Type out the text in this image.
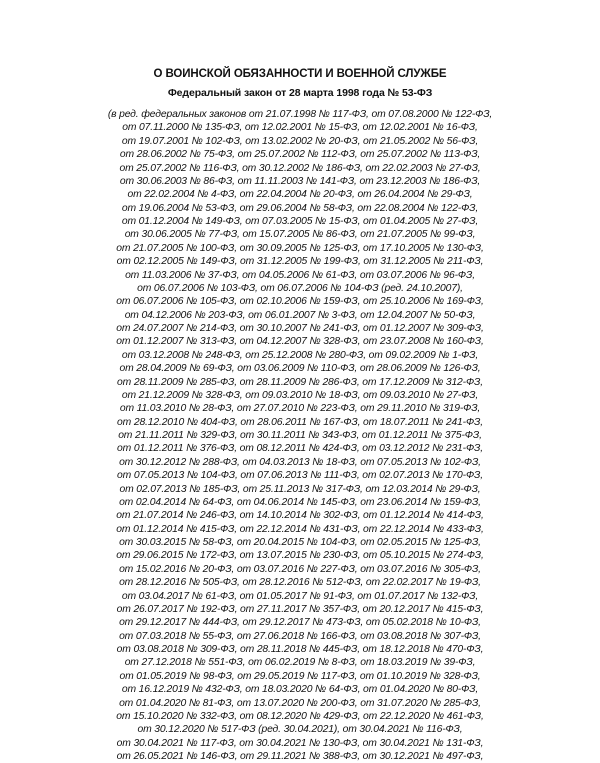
О ВОИНСКОЙ ОБЯЗАННОСТИ И ВОЕННОЙ СЛУЖБЕ
Федеральный закон от 28 марта 1998 года № 53-ФЗ
(в ред. федеральных законов от 21.07.1998 № 117-ФЗ, от 07.08.2000 № 122-ФЗ,
от 07.11.2000 № 135-ФЗ, от 12.02.2001 № 15-ФЗ, от 12.02.2001 № 16-ФЗ,
от 19.07.2001 № 102-ФЗ, от 13.02.2002 № 20-ФЗ, от 21.05.2002 № 56-ФЗ,
от 28.06.2002 № 75-ФЗ, от 25.07.2002 № 112-ФЗ, от 25.07.2002 № 113-ФЗ,
от 25.07.2002 № 116-ФЗ, от 30.12.2002 № 186-ФЗ, от 22.02.2003 № 27-ФЗ,
от 30.06.2003 № 86-ФЗ, от 11.11.2003 № 141-ФЗ, от 23.12.2003 № 186-ФЗ,
от 22.02.2004 № 4-ФЗ, от 22.04.2004 № 20-ФЗ, от 26.04.2004 № 29-ФЗ,
от 19.06.2004 № 53-ФЗ, от 29.06.2004 № 58-ФЗ, от 22.08.2004 № 122-ФЗ,
от 01.12.2004 № 149-ФЗ, от 07.03.2005 № 15-ФЗ, от 01.04.2005 № 27-ФЗ,
от 30.06.2005 № 77-ФЗ, от 15.07.2005 № 86-ФЗ, от 21.07.2005 № 99-ФЗ,
от 21.07.2005 № 100-ФЗ, от 30.09.2005 № 125-ФЗ, от 17.10.2005 № 130-ФЗ,
от 02.12.2005 № 149-ФЗ, от 31.12.2005 № 199-ФЗ, от 31.12.2005 № 211-ФЗ,
от 11.03.2006 № 37-ФЗ, от 04.05.2006 № 61-ФЗ, от 03.07.2006 № 96-ФЗ,
от 06.07.2006 № 103-ФЗ, от 06.07.2006 № 104-ФЗ (ред. 24.10.2007),
от 06.07.2006 № 105-ФЗ, от 02.10.2006 № 159-ФЗ, от 25.10.2006 № 169-ФЗ,
от 04.12.2006 № 203-ФЗ, от 06.01.2007 № 3-ФЗ, от 12.04.2007 № 50-ФЗ,
от 24.07.2007 № 214-ФЗ, от 30.10.2007 № 241-ФЗ, от 01.12.2007 № 309-ФЗ,
от 01.12.2007 № 313-ФЗ, от 04.12.2007 № 328-ФЗ, от 23.07.2008 № 160-ФЗ,
от 03.12.2008 № 248-ФЗ, от 25.12.2008 № 280-ФЗ, от 09.02.2009 № 1-ФЗ,
от 28.04.2009 № 69-ФЗ, от 03.06.2009 № 110-ФЗ, от 28.06.2009 № 126-ФЗ,
от 28.11.2009 № 285-ФЗ, от 28.11.2009 № 286-ФЗ, от 17.12.2009 № 312-ФЗ,
от 21.12.2009 № 328-ФЗ, от 09.03.2010 № 18-ФЗ, от 09.03.2010 № 27-ФЗ,
от 11.03.2010 № 28-ФЗ, от 27.07.2010 № 223-ФЗ, от 29.11.2010 № 319-ФЗ,
от 28.12.2010 № 404-ФЗ, от 28.06.2011 № 167-ФЗ, от 18.07.2011 № 241-ФЗ,
от 21.11.2011 № 329-ФЗ, от 30.11.2011 № 343-ФЗ, от 01.12.2011 № 375-ФЗ,
от 01.12.2011 № 376-ФЗ, от 08.12.2011 № 424-ФЗ, от 03.12.2012 № 231-ФЗ,
от 30.12.2012 № 288-ФЗ, от 04.03.2013 № 18-ФЗ, от 07.05.2013 № 102-ФЗ,
от 07.05.2013 № 104-ФЗ, от 07.06.2013 № 111-ФЗ, от 02.07.2013 № 170-ФЗ,
от 02.07.2013 № 185-ФЗ, от 25.11.2013 № 317-ФЗ, от 12.03.2014 № 29-ФЗ,
от 02.04.2014 № 64-ФЗ, от 04.06.2014 № 145-ФЗ, от 23.06.2014 № 159-ФЗ,
от 21.07.2014 № 246-ФЗ, от 14.10.2014 № 302-ФЗ, от 01.12.2014 № 414-ФЗ,
от 01.12.2014 № 415-ФЗ, от 22.12.2014 № 431-ФЗ, от 22.12.2014 № 433-ФЗ,
от 30.03.2015 № 58-ФЗ, от 20.04.2015 № 104-ФЗ, от 02.05.2015 № 125-ФЗ,
от 29.06.2015 № 172-ФЗ, от 13.07.2015 № 230-ФЗ, от 05.10.2015 № 274-ФЗ,
от 15.02.2016 № 20-ФЗ, от 03.07.2016 № 227-ФЗ, от 03.07.2016 № 305-ФЗ,
от 28.12.2016 № 505-ФЗ, от 28.12.2016 № 512-ФЗ, от 22.02.2017 № 19-ФЗ,
от 03.04.2017 № 61-ФЗ, от 01.05.2017 № 91-ФЗ, от 01.07.2017 № 132-ФЗ,
от 26.07.2017 № 192-ФЗ, от 27.11.2017 № 357-ФЗ, от 20.12.2017 № 415-ФЗ,
от 29.12.2017 № 444-ФЗ, от 29.12.2017 № 473-ФЗ, от 05.02.2018 № 10-ФЗ,
от 07.03.2018 № 55-ФЗ, от 27.06.2018 № 166-ФЗ, от 03.08.2018 № 307-ФЗ,
от 03.08.2018 № 309-ФЗ, от 28.11.2018 № 445-ФЗ, от 18.12.2018 № 470-ФЗ,
от 27.12.2018 № 551-ФЗ, от 06.02.2019 № 8-ФЗ, от 18.03.2019 № 39-ФЗ,
от 01.05.2019 № 98-ФЗ, от 29.05.2019 № 117-ФЗ, от 01.10.2019 № 328-ФЗ,
от 16.12.2019 № 432-ФЗ, от 18.03.2020 № 64-ФЗ, от 01.04.2020 № 80-ФЗ,
от 01.04.2020 № 81-ФЗ, от 13.07.2020 № 200-ФЗ, от 31.07.2020 № 285-ФЗ,
от 15.10.2020 № 332-ФЗ, от 08.12.2020 № 429-ФЗ, от 22.12.2020 № 461-ФЗ,
от 30.12.2020 № 517-ФЗ (ред. 30.04.2021), от 30.04.2021 № 116-ФЗ,
от 30.04.2021 № 117-ФЗ, от 30.04.2021 № 130-ФЗ, от 30.04.2021 № 131-ФЗ,
от 26.05.2021 № 146-ФЗ, от 29.11.2021 № 388-ФЗ, от 30.12.2021 № 497-ФЗ,
